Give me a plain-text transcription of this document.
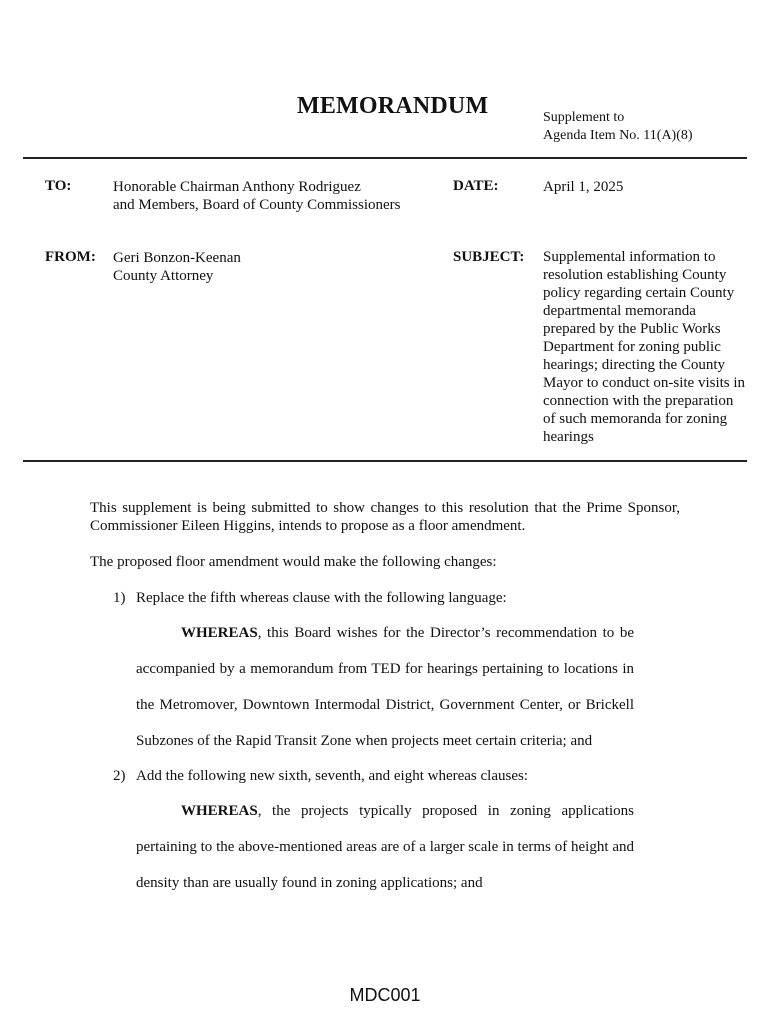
MEMORANDUM	Supplement to
Agenda Item No. 11(A)(8)
TO:	Honorable Chairman Anthony Rodriguez
and Members, Board of County Commissioners
DATE:	April 1, 2025
FROM: Geri Bonzon-Keenan
County Attorney
SUBJECT: Supplemental information to
resolution establishing County
policy regarding certain County
departmental memoranda
prepared by the Public Works
Department for zoning public
hearings; directing the County
Mayor to conduct on-site visits in
connection with the preparation
of such memoranda for zoning
hearings
This supplement is being submitted to show changes to this resolution that the Prime Sponsor,
Commissioner Eileen Higgins, intends to propose as a floor amendment.
The proposed floor amendment would make the following changes:
1) Replace the fifth whereas clause with the following language:
WHEREAS, this Board wishes for the Director’s recommendation to be
accompanied by a memorandum from TED for hearings pertaining to locations in
the Metromover, Downtown Intermodal District, Government Center, or Brickell
Subzones of the Rapid Transit Zone when projects meet certain criteria; and
2) Add the following new sixth, seventh, and eight whereas clauses:
WHEREAS, the projects typically proposed in zoning applications
pertaining to the above-mentioned areas are of a larger scale in terms of height and
density than are usually found in zoning applications; and
MDC001
